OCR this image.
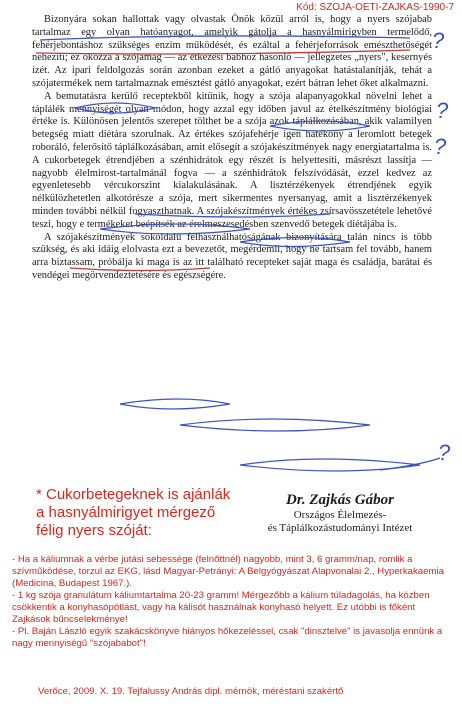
Kód: SZOJA-OETI-ZAJKAS-1990-7

Bizonyára sokan hallottak vagy olvastak Önök közül arról is, hogy a nyers szójabab tartalmaz egy olyan hatóanyagot, amelyik gátolja a hasnyálmirigyben termelődő, fehérjebontáshoz szükséges enzim működését, és ezáltal a fehérjeforrások emészthetőségét nehezíti; ez okozza a szójamag — az étkezési babhoz hasonló — jellegzetes „nyers", kesernyés ízét. Az ipari feldolgozás során azonban ezeket a gátló anyagokat hatástalanítják, tehát a szójatermékek nem tartalmaznak emésztést gátló anyagokat, ezért bátran lehet őket alkalmazni.

A bemutatásra kerülő receptekből kitűnik, hogy a szója alapanyagokkal növelni lehet a táplálék mennyiségét olyan módon, hogy azzal egy időben javul az ételkészítmény biológiai értéke is. Különösen jelentős szerepet tölthet be a szója azok táplálkozásában, akik valamilyen betegség miatt diétára szorulnak. Az értékes szójafehérje igen hatékony a leromlott betegek roboráló, felerősítő táplálkozásában, amit elősegít a szójakészítmények nagy energiatartalma is. A cukorbetegek étrendjében a szénhidrátok egy részét is helyettesíti, másrészt lassítja — nagyobb élelmirost-tartalmánál fogva — a szénhidrátok felszívódását, ezzel kedvez az egyenletesebb vércukorszint kialakulásának. A lisztérzékenyek étrendjének egyik nélkülözhetetlen alkotórésze a szója, mert sikermentes nyersanyag, amit a lisztérzékenyek minden további nélkül fogyaszthatnak. A szójakészítmények értékes zsírsavösszetétele lehetővé teszi, hogy e termékeket beépítsék az érelmeszesedésben szenvedő betegek diétájába is.

A szójakészítmények sokoldalú felhasználhatóságának bizonyítására talán nincs is több szükség, és aki idáig elolvasta ezt a bevezetőt, megérdemli, hogy ne tartsam fel tovább, hanem arra biztassam, próbálja ki maga is az itt található recepteket saját maga és családja, barátai és vendégei megörvendeztetésére és egészségére.

?
?
?
?
* Cukorbetegeknek is ajánlák a hasnyálmirigyet mérgező félig nyers szóját:
Dr. Zajkás Gábor
Országos Élelmezés-
és Táplálkozástudományi Intézet
- Ha a káliumnak a vérbe jutási sebessége (felnőttnél) nagyobb, mint 3, 6 gramm/nap, romlik a szívműködése, torzul az EKG, lásd Magyar-Petrányi: A Belgyógyászat Alapvonalai 2., Hyperkakaemia (Medicina, Budapest 1967.).
- 1 kg szója granulátum káliumtartalma 20-23 gramm! Mérgezőbb a kálium túladagolás, ha közben csökkentik a konyhasópótlást, vagy ha kálisót használnak konyhasó helyett. Ez utóbbi is főként Zajkások bűncselekménye!
- Pl. Baján László egyik szakácskönyve hiányos hőkezeléssel, csak "dinsztelve" is javasolja ennünk a nagy mennyiségű "szójababot"!
Verőce, 2009. X. 19. Tejfalussy András dipl. mérnök, méréstani szakértő
